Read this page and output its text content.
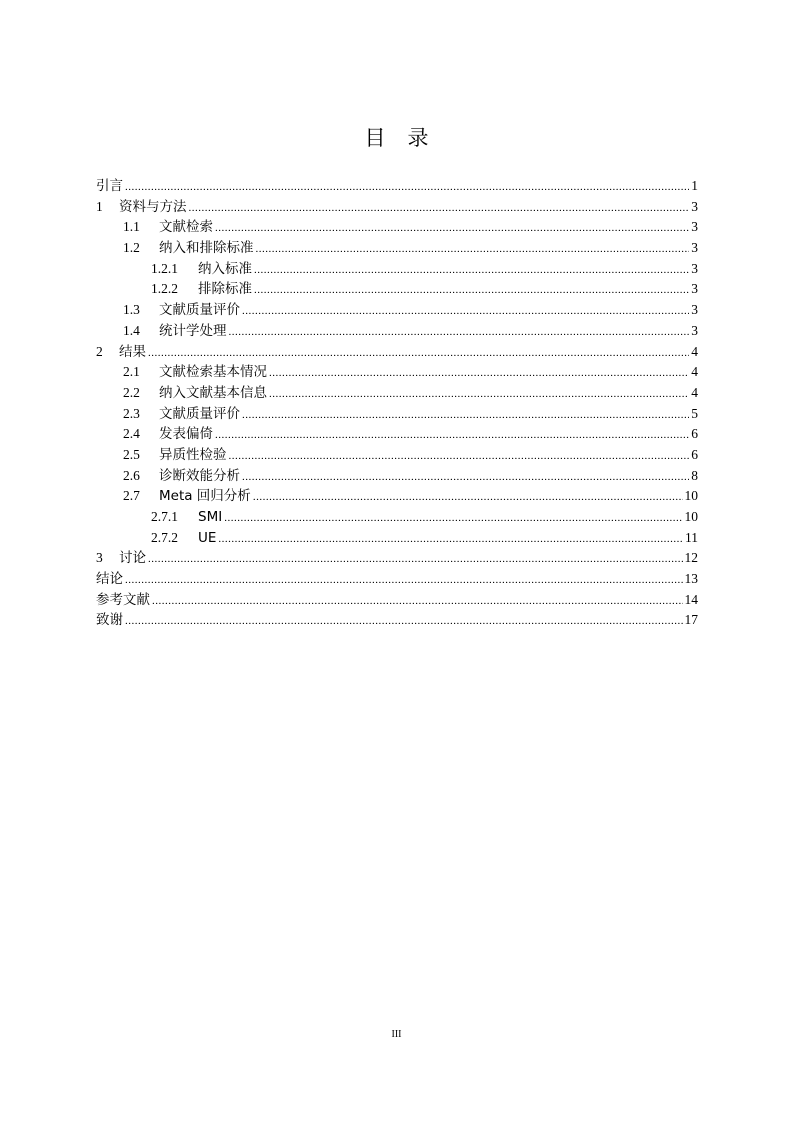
目录
引言 .....	1
1	资料与方法 .....	3
1.1	文献检索 .....	3
1.2	纳入和排除标准 .....	3
1.2.1	纳入标准 .....	3
1.2.2	排除标准 .....	3
1.3	文献质量评价 .....	3
1.4	统计学处理 .....	3
2	结果 .....	4
2.1	文献检索基本情况 .....	4
2.2	纳入文献基本信息 .....	4
2.3	文献质量评价 .....	5
2.4	发表偏倚 .....	6
2.5	异质性检验 .....	6
2.6	诊断效能分析 .....	8
2.7	Meta 回归分析 .....	10
2.7.1	SMI .....	10
2.7.2	UE .....	11
3	讨论 .....	12
结论 .....	13
参考文献 .....	14
致谢 .....	17
III
